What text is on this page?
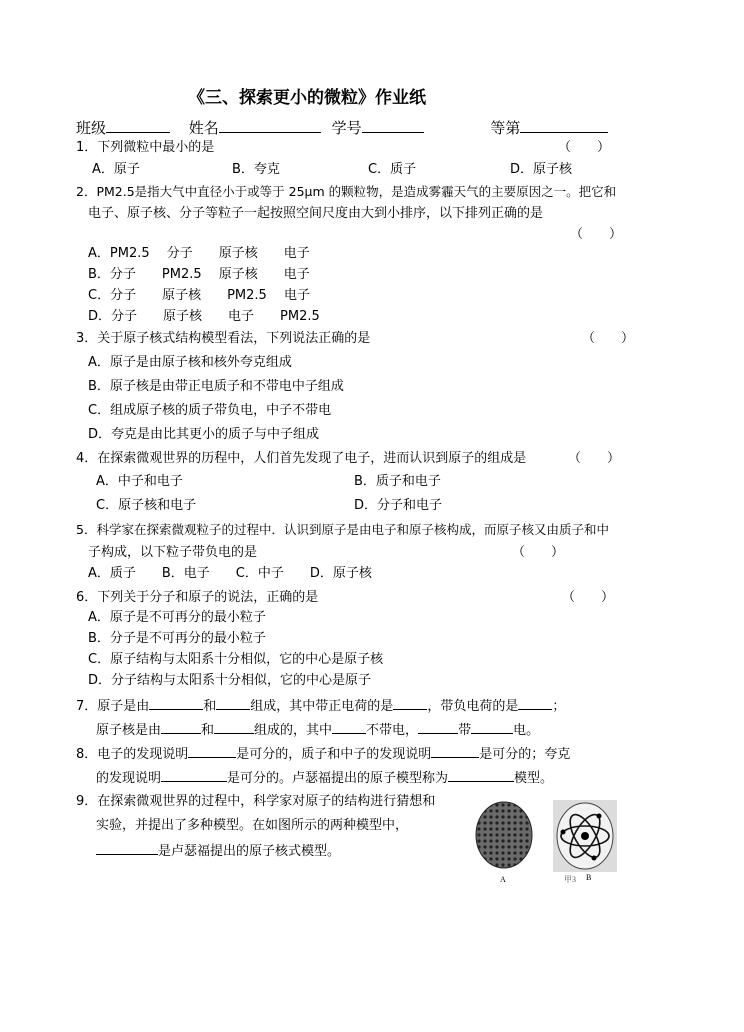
《三、探索更小的微粒》作业纸
班级	姓名	学号	等第
1．下列微粒中最小的是	（　　）
A．原子	B．夸克	C．质子	D．原子核
2．PM2.5是指大气中直径小于或等于 25μm 的颗粒物，是造成雾霾天气的主要原因之一。把它和
电子、原子核、分子等粒子一起按照空间尺度由大到小排序，以下排列正确的是
（　　）
A．PM2.5　 分子　　原子核　　电子
B．分子　　PM2.5　 原子核　　电子
C．分子　　原子核　　PM2.5　 电子
D．分子　　原子核　　电子　　PM2.5
3．关于原子核式结构模型看法，下列说法正确的是	（　　）
A．原子是由原子核和核外夸克组成
B．原子核是由带正电质子和不带电中子组成
C．组成原子核的质子带负电，中子不带电
D．夸克是由比其更小的质子与中子组成
4．在探索微观世界的历程中，人们首先发现了电子，进而认识到原子的组成是	（　　）
A．中子和电子	B．质子和电子
C．原子核和电子	D．分子和电子
5．科学家在探索微观粒子的过程中．认识到原子是由电子和原子核构成，而原子核又由质子和中
子构成，以下粒子带负电的是	（　　）
A．质子　　B．电子　　C．中子　　D．原子核
6．下列关于分子和原子的说法，正确的是	（　　）
A．原子是不可再分的最小粒子
B．分子是不可再分的最小粒子
C．原子结构与太阳系十分相似，它的中心是原子核
D．分子结构与太阳系十分相似，它的中心是原子
7．原子是由	和	组成，其中带正电荷的是	，带负电荷的是	；
原子核是由	和	组成的，其中	不带电，	带	电。
8．电子的发现说明	是可分的，质子和中子的发现说明	是可分的；夸克
的发现说明	是可分的。卢瑟福提出的原子模型称为	模型。
9．在探索微观世界的过程中，科学家对原子的结构进行猜想和
实验，并提出了多种模型。在如图所示的两种模型中，
是卢瑟福提出的原子核式模型。
A	甲3 B
